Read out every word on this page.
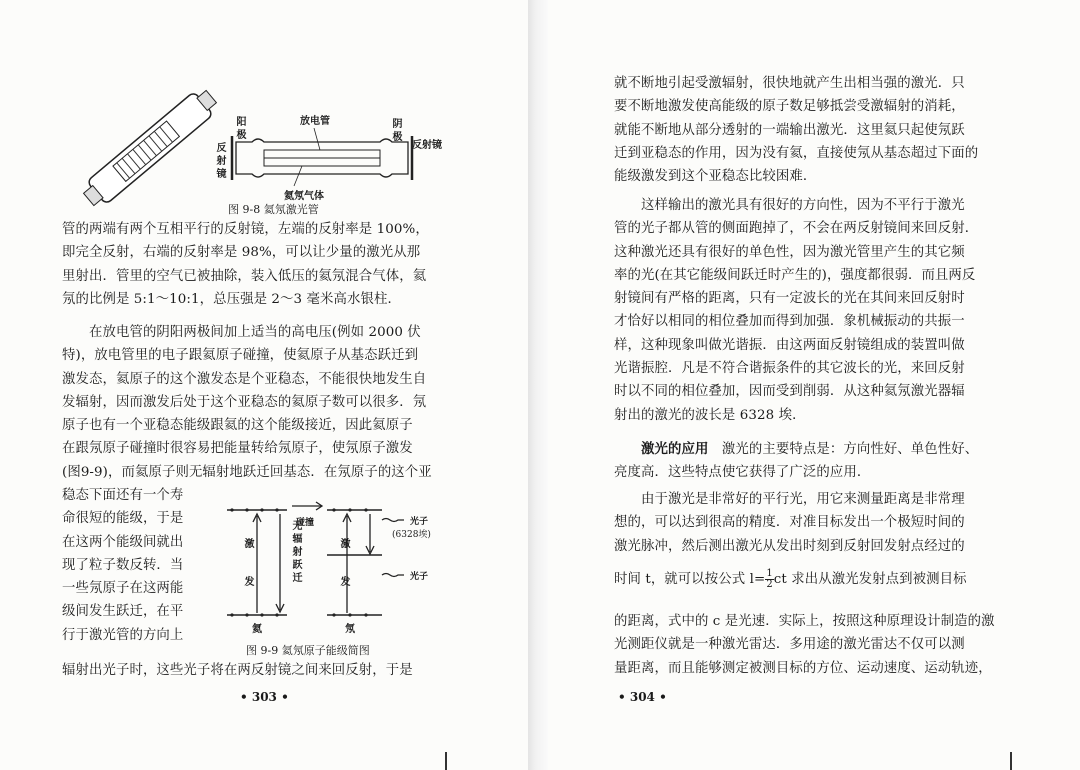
放电管
阳极	阴极
反射镜	反射镜
氦氖气体
图 9-8 氦氖激光管
管的两端有两个互相平行的反射镜，左端的反射率是 100%，
即完全反射，右端的反射率是 98%，可以让少量的激光从那
里射出．管里的空气已被抽除，装入低压的氦氖混合气体，氦
氖的比例是 5:1～10:1，总压强是 2～3 毫米高水银柱．
　　在放电管的阴阳两极间加上适当的高电压(例如 2000 伏
特)，放电管里的电子跟氦原子碰撞，使氦原子从基态跃迁到
激发态，氦原子的这个激发态是个亚稳态，不能很快地发生自
发辐射，因而激发后处于这个亚稳态的氦原子数可以很多．氖
原子也有一个亚稳态能级跟氦的这个能级接近，因此氦原子
在跟氖原子碰撞时很容易把能量转给氖原子，使氖原子激发
(图9-9)，而氦原子则无辐射地跃迁回基态．在氖原子的这个亚
稳态下面还有一个寿
命很短的能级，于是
在这两个能级间就出
现了粒子数反转．当
一些氖原子在这两能
级间发生跃迁，在平
行于激光管的方向上
激发	无辐射跃迁
碰撞
激发
光子
(6328埃)
光子
氦	氖
图 9-9 氦氖原子能级简图
辐射出光子时，这些光子将在两反射镜之间来回反射，于是
• 303 •
就不断地引起受激辐射，很快地就产生出相当强的激光．只
要不断地激发使高能级的原子数足够抵尝受激辐射的消耗，
就能不断地从部分透射的一端输出激光．这里氦只起使氖跃
迁到亚稳态的作用，因为没有氦，直接使氖从基态超过下面的
能级激发到这个亚稳态比较困难．
　　这样输出的激光具有很好的方向性，因为不平行于激光
管的光子都从管的侧面跑掉了，不会在两反射镜间来回反射．
这种激光还具有很好的单色性，因为激光管里产生的其它频
率的光(在其它能级间跃迁时产生的)，强度都很弱．而且两反
射镜间有严格的距离，只有一定波长的光在其间来回反射时
才恰好以相同的相位叠加而得到加强．象机械振动的共振一
样，这种现象叫做光谐振．由这两面反射镜组成的装置叫做
光谐振腔．凡是不符合谐振条件的其它波长的光，来回反射
时以不同的相位叠加，因而受到削弱．从这种氦氖激光器辐
射出的激光的波长是 6328 埃．
　　激光的应用　激光的主要特点是：方向性好、单色性好、
亮度高．这些特点使它获得了广泛的应用．
　　由于激光是非常好的平行光，用它来测量距离是非常理
想的，可以达到很高的精度．对准目标发出一个极短时间的
激光脉冲，然后测出激光从发出时刻到反射回发射点经过的
时间 t，就可以按公式 $l= \frac{1}{2}$ ct 求出从激光发射点到被测目标
的距离，式中的 c 是光速．实际上，按照这种原理设计制造的激
光测距仪就是一种激光雷达．多用途的激光雷达不仅可以测
量距离，而且能够测定被测目标的方位、运动速度、运动轨迹，
• 304 •
